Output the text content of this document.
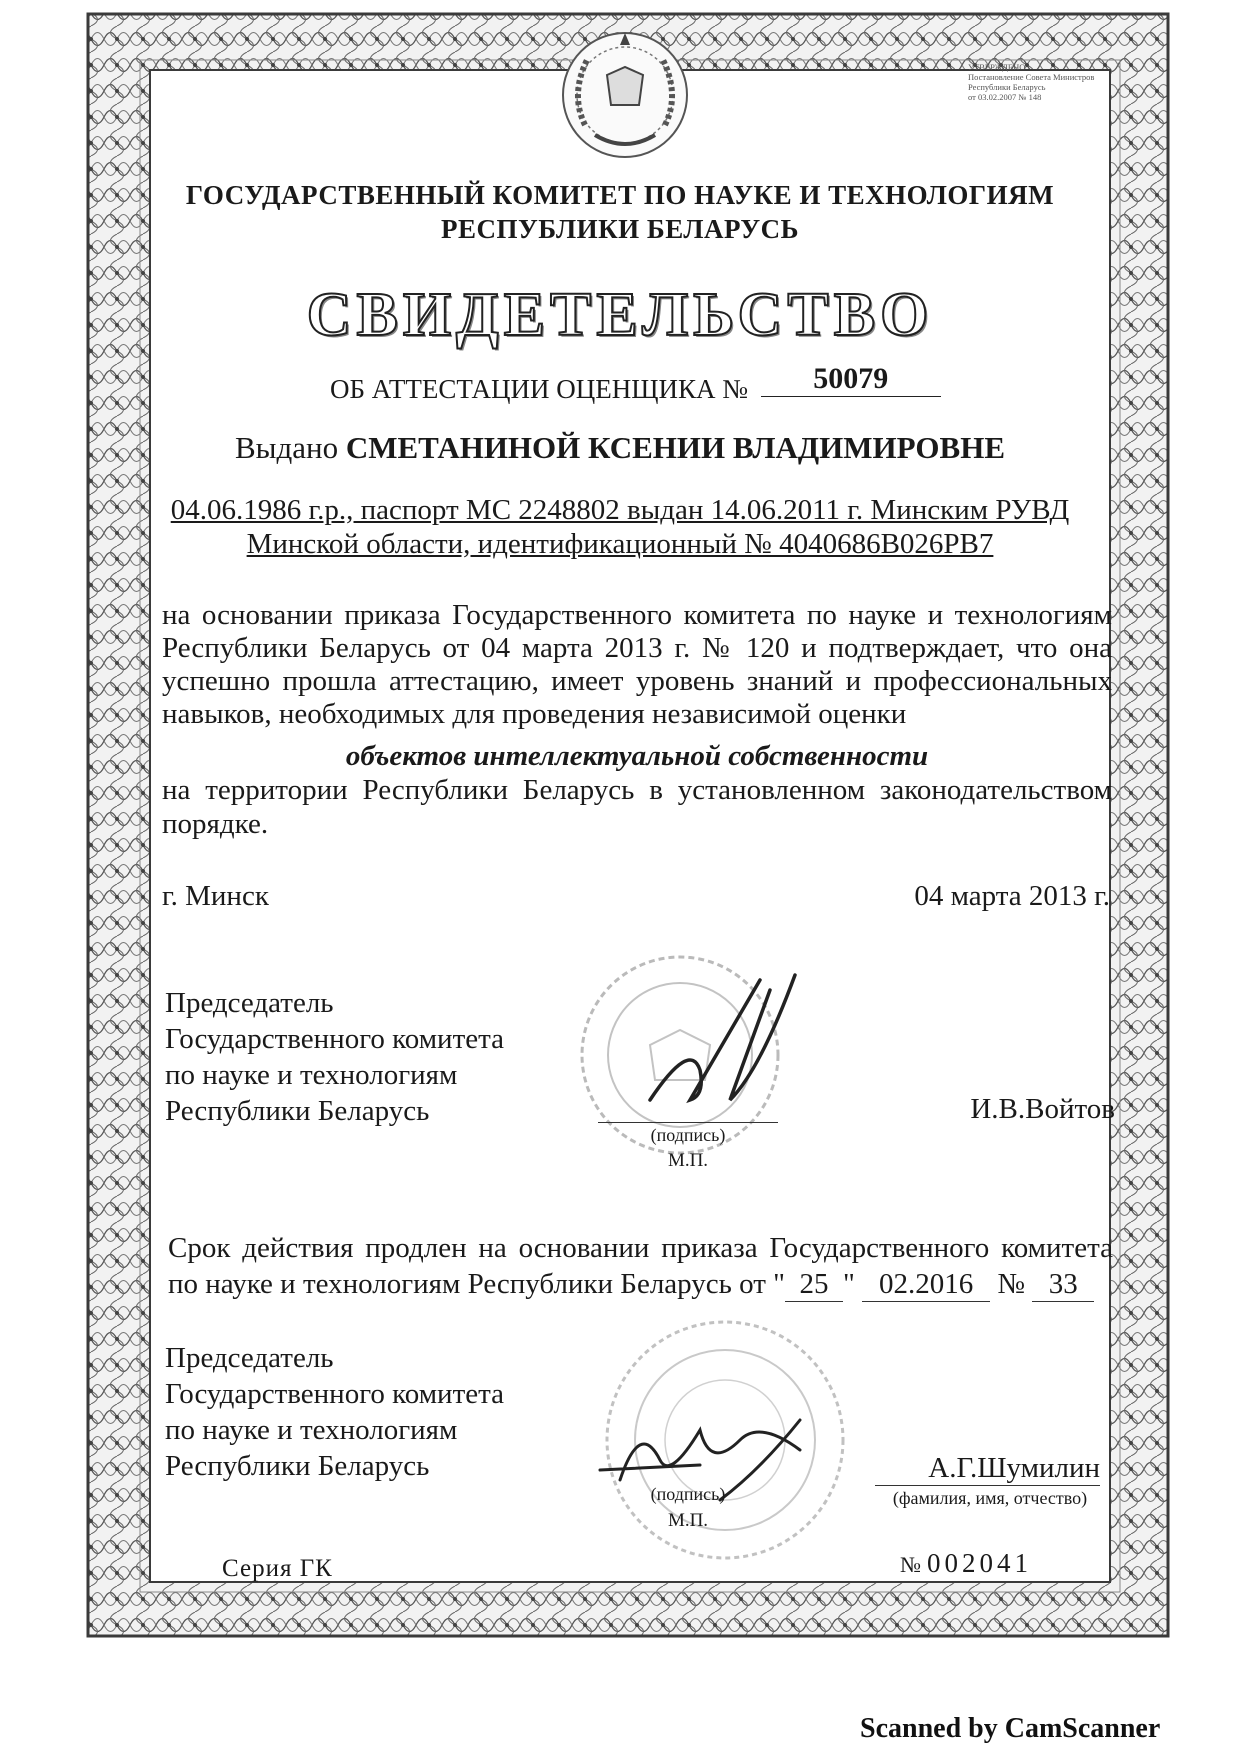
УТВЕРЖДЕНО
Постановление Совета Министров
Республики Беларусь
от 03.02.2007 № 148
ГОСУДАРСТВЕННЫЙ КОМИТЕТ ПО НАУКЕ И ТЕХНОЛОГИЯМ
РЕСПУБЛИКИ БЕЛАРУСЬ
СВИДЕТЕЛЬСТВО
ОБ АТТЕСТАЦИИ ОЦЕНЩИКА № 50079
Выдано СМЕТАНИНОЙ КСЕНИИ ВЛАДИМИРОВНЕ
04.06.1986 г.р., паспорт МС 2248802 выдан 14.06.2011 г. Минским РУВД
Минской области, идентификационный № 4040686В026РВ7
на основании приказа Государственного комитета по науке и технологиям
Республики Беларусь от 04 марта 2013 г. № 120 и подтверждает, что она
успешно прошла аттестацию, имеет уровень знаний и профессиональных
навыков, необходимых для проведения независимой оценки
объектов интеллектуальной собственности
на территории Республики Беларусь в установленном законодательством
порядке.
г. Минск	04 марта 2013 г.
Председатель
Государственного комитета
по науке и технологиям
Республики Беларусь
(подпись)
М.П.
И.В.Войтов
Срок действия продлен на основании приказа Государственного комитета
по науке и технологиям Республики Беларусь от " 25 " 02.2016 № 33
Председатель
Государственного комитета
по науке и технологиям
Республики Беларусь
(подпись)
М.П.
А.Г.Шумилин
(фамилия, имя, отчество)
Серия ГК	№ 002041
Scanned by CamScanner
